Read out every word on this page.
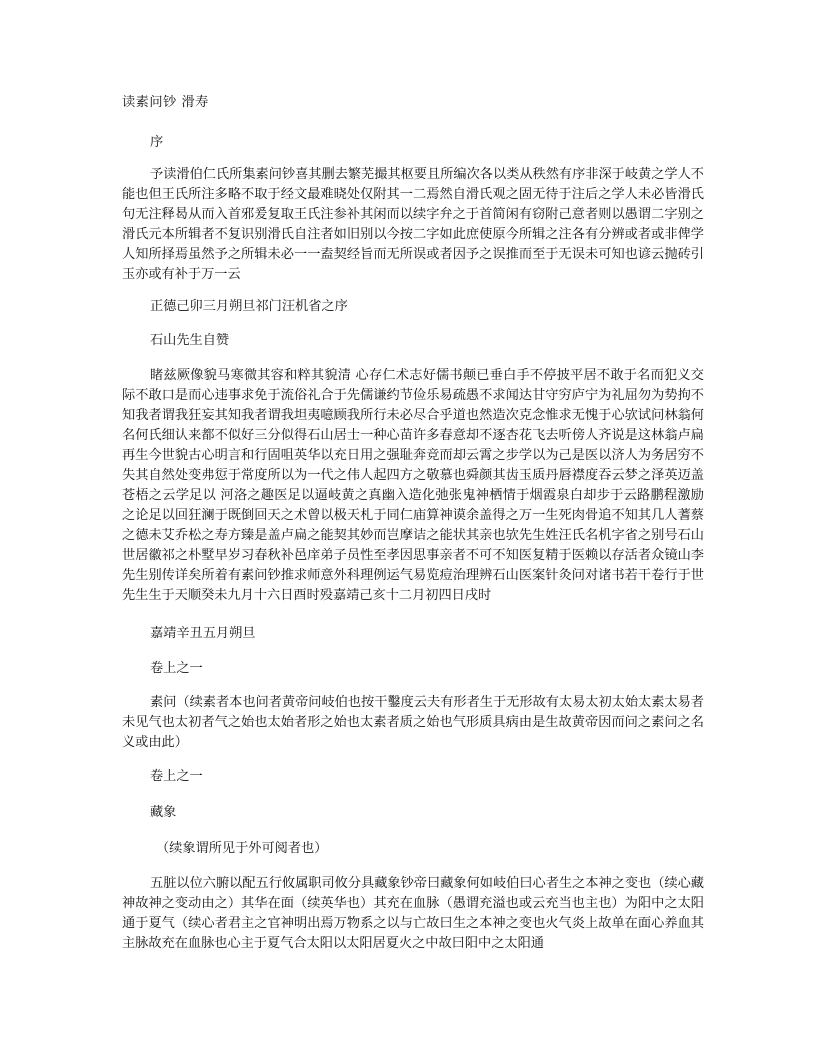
读素问钞 滑寿
序

予读滑伯仁氏所集素问钞喜其删去繁芜撮其枢要且所编次各以类从秩然有序非深于岐黄之学人不能也但王氏所注多略不取于经文最难晓处仅附其一二焉然自滑氏观之固无待于注后之学人未必皆滑氏句无注释曷从而入首邪爰复取王氏注参补其闲而以续字弁之于首简闲有窃附己意者则以愚谓二字别之滑氏元本所辑者不复识别滑氏自注者如旧别以今按二字如此庶使原今所辑之注各有分辨或者或非俾学人知所择焉虽然予之所辑未必一一盍契经旨而无所误或者因予之误推而至于无误未可知也谚云抛砖引玉亦或有补于万一云

正德己卯三月朔旦祁门汪机省之序
石山先生自赞

睹兹厥像貌马寒微其容和粹其貌清 心存仁术志好儒书颠已垂白手不停披平居不敢于名而犯义交际不敢口是而心违事求免于流俗礼合于先儒谦约节俭乐易疏愚不求闻达甘守穷庐宁为礼屈勿为势拘不知我者谓我狂妄其知我者谓我坦夷噫顾我所行未必尽合乎道也然造次克念惟求无愧于心欤试问林翁何名何氏细认来都不似好三分似得石山居士一种心苗许多春意却不逐杏花飞去听傍人齐说是这林翁卢扁再生今世貌古心明言和行固咀英华以充日用之强耻奔竞而却云霄之步学以为己是医以济人为务居穷不失其自然处变弗愆于常度所以为一代之伟人起四方之敬慕也舜颜其齿玉质丹唇襟度吞云梦之泽英迈盖苍梧之云学足以 河洛之趣医足以逼岐黄之真幽入造化弛张鬼神栖情于烟霞泉白却步于云路鹏程激励之论足以回狂澜于既倒回天之术曾以极天札于同仁庙算神谟余盖得之万一生死肉骨追不知其几人蓍蔡之德未艾乔松之寿方臻是盖卢扁之能契其妙而岂摩诘之能状其亲也欤先生姓汪氏名机字省之别号石山世居徽祁之朴墅早岁习春秋补邑庠弟子员性至孝因思事亲者不可不知医复精于医赖以存活者众镜山李先生别传详矣所着有素问钞推求师意外科理例运气易览痘治理辨石山医案针灸问对诸书若干卷行于世先生生于天顺癸未九月十六日酉时殁嘉靖己亥十二月初四日戌时

嘉靖辛丑五月朔旦
卷上之一

素问（续素者本也问者黄帝问岐伯也按干鑿度云夫有形者生于无形故有太易太初太始太素太易者未见气也太初者气之始也太始者形之始也太素者质之始也气形质具病由是生故黄帝因而问之素问之名义或由此）

卷上之一
藏象
（续象谓所见于外可阅者也）

五脏以位六腑以配五行攸属职司攸分具藏象钞帝曰藏象何如岐伯曰心者生之本神之变也（续心藏神故神之变动由之）其华在面（续英华也）其充在血脉（愚谓充溢也或云充当也主也）为阳中之太阳通于夏气（续心者君主之官神明出焉万物系之以与亡故曰生之本神之变也火气炎上故单在面心养血其主脉故充在血脉也心主于夏气合太阳以太阳居夏火之中故曰阳中之太阳通
